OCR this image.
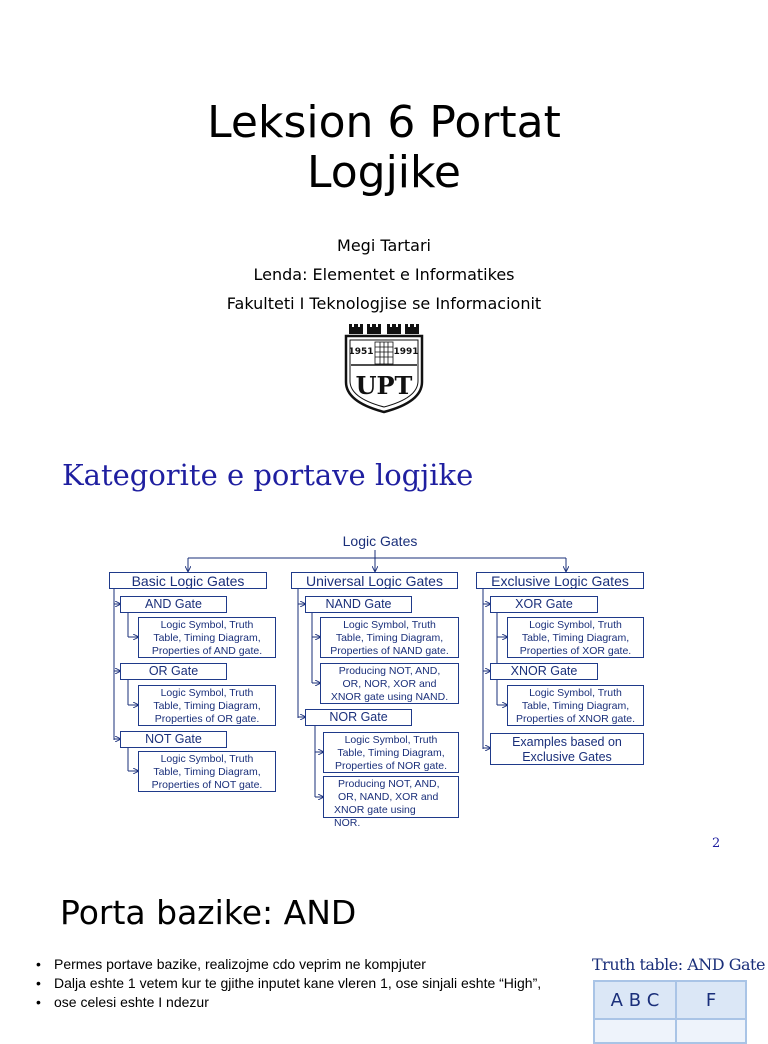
Leksion 6 Portat
Logjike
Megi Tartari
Lenda: Elementet e Informatikes
Fakulteti I Teknologjise se Informacionit
1951 1991
UPT
Kategorite e portave logjike
Logic Gates
Basic Logic Gates	Universal Logic Gates	Exclusive Logic Gates
AND Gate
Logic Symbol, Truth
Table, Timing Diagram,
Properties of AND gate.
OR Gate
Logic Symbol, Truth
Table, Timing Diagram,
Properties of OR gate.
NOT Gate
Logic Symbol, Truth
Table, Timing Diagram,
Properties of NOT gate.
NAND Gate
Logic Symbol, Truth
Table, Timing Diagram,
Properties of NAND gate.
Producing NOT, AND,
OR, NOR, XOR and
XNOR gate using NAND.
NOR Gate
Logic Symbol, Truth
Table, Timing Diagram,
Properties of NOR gate.
Producing NOT, AND,
OR, NAND, XOR and
XNOR gate using
NOR.
XOR Gate
Logic Symbol, Truth
Table, Timing Diagram,
Properties of XOR gate.
XNOR Gate
Logic Symbol, Truth
Table, Timing Diagram,
Properties of XNOR gate.
Examples based on
Exclusive Gates
2
Porta bazike: AND
• Permes portave bazike, realizojme cdo veprim ne kompjuter
• Dalja eshte 1 vetem kur te gjithe inputet kane vleren 1, ose sinjali eshte “High”,
• ose celesi eshte I ndezur
Truth table: AND Gate
A B C	F
